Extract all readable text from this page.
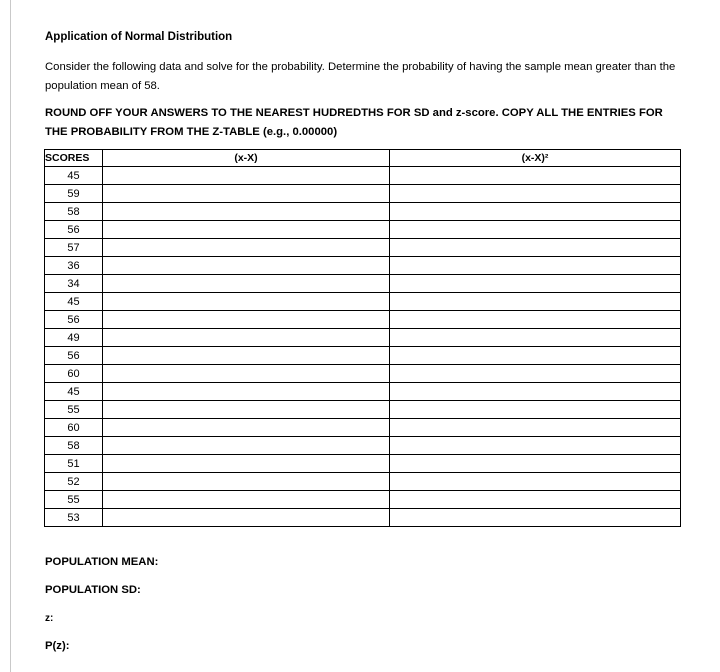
Application of Normal Distribution
Consider the following data and solve for the probability. Determine the probability of having the sample mean greater than the population mean of 58.
ROUND OFF YOUR ANSWERS TO THE NEAREST HUDREDTHS FOR SD and z-score. COPY ALL THE ENTRIES FOR THE PROBABILITY FROM THE Z-TABLE (e.g., 0.00000)
SCORES	(x-X)	(x-X)²
45		
59		
58		
56		
57		
36		
34		
45		
56		
49		
56		
60		
45		
55		
60		
58		
51		
52		
55		
53		
POPULATION MEAN:
POPULATION SD:
z:
P(z):
